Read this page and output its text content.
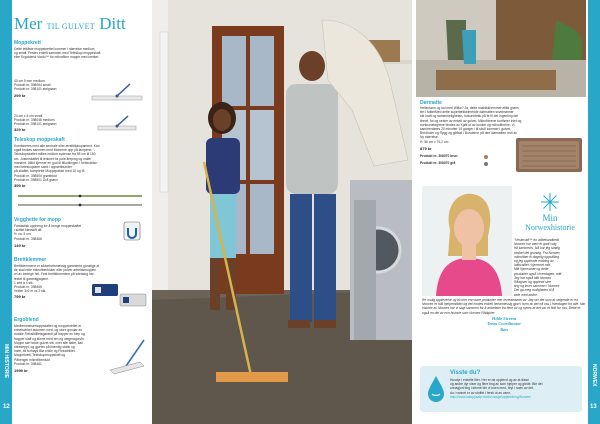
MIN HISTORIE
12
Mer TIL GULVET Ditt
Moppekrett
Dette lettåste moppekrettet kommer i størrelse medium
og small. Festes enkelt sammen med Teleskop moppeskaft
eller Ergoblend Vardu™ for mikrofiber moppe med kretket.
40 cm 5 mm medium
Produkt nr. 398064 small
Produkt nr. 398101 stelgrønn
299 kr
24 cm x 5 cm small
Produkt nr. 398048 medium
Produkt nr. 398101 stelgrønn
329 kr
Teleskop moppeskaft
Kombineres med alle sentrale eller ærelttilpkopament. Kan
også brukes sammen med Moberne opp på lampene.
Teleskopskaftet måles mellom sydense fra 95 cm til 150
cm. Justerskaftet til lenkhet for pole-kreping og maler
mandert. Alltid kjenner en god til tilkoblingen i forbindelse
med teleskoplarer samt i oppsettbunder
på skaftet, komplette Moppepakke med 10 og M.
Produkt nr. 398500 grøntblad
Produkt nr. 398501 Grå grønn
399 kr
Vegghette for mopp
Fantastisk oppheng for å henge moppeskaftet
i skittet klesskift dit.
H: ca. 5 cm
Produkt nr. 398366
149 kr
Brettklemmer
Brettklemmene er sikkerhetsmessig garanterte gunstige at
de skal rette mikrofiberkluter eller pulver arbeidsmoppen
vri av bedrige hel. Fest brettklemmene på toletalog har
festet til garantigjagene.
1 sett à 4 stk.
Produkt nr. 398465
Vekter 3x2 m vs 2 stk.
799 kr
Ergoblend
Medtemmelsemoppskaftet og moppekrettet er
enhetsvirket avtomen med, og store gondar av
mobile Fleksibilitetsgaranti på frapper en klep og
frapper klaff og kilene med ren og vægmagon/in.
Moppe sør holde gulvet sitt, over alle flater, kan
uttrekeppt, og gjortes på ihærdig stativ og
inste, bil forhøyd Blø enkle og Fleksibilitet.
Moppekrett, Teleskopmoppskaft og
Påhenger mikrofiberdukt
Produkt nr. 398461
1999 kr	NORWEX
13
Dørmatte
Hellemann og sol med Wilke? Ja, dette matnikkhemmer alltid grønn
tim i fuktetMed dette supertækkelmende dørmatten snørbrønner
blir kraft og samenheligheten, forkonnfekk på fe til det ingenting det
tinnet, fot og nelser av enkelt av gulver. Mikrofibrene bortfører inlet og
sortkrosetegrene bindes av Kjøtt ut av knoket og mikrofibrene. Vi
sammenføres 20 minutter 10 ganger i til skull kommer i gulvet.
Bredholm og Rygg og glitfast i Bunderne på den dørmatten mot av
Ny størrelse.
H: 56 cm x 76,2 cm
879 kr
Produkt nr. 308070 brun
Produkt nr. 308070 grå
Min
Norwexhistorie
"Vesterudf™ for alfbekundbedt
Norwex har vært et godt valg
frå tumbrevis. Nå har jeg stadig
vasket det grundig. Fra Norwex
mikrofiber til døgnlig oppstilling
og jeg opplevde endring av
luftkvalitet i hjemmet mitt.
Mitt hjemvaner og dette
produkter også i hverdagen, mitt
Jeg har også blitt Norwex
Rådgiver og opplevd sine
ting og lever sammen i Norwex.
Det ga meg muligheten til å
dele med andre.
Re mulig opplevelse og bli mer enn bare produkter mer leverandører av. Jeg ser det som at selgende er en Norwex er fullt hjelpemiddel og det holdes enkelt helsemessig gjort i form av det nå oss i hverdagen for alle. Min historie av Norwex har vi sagt sammen for å anbefaler fra flere av og synes at det var et flott for oss. Dette er også en del av min historie som Norwex Rådgiver.
Hilde Streem
Team Coordinator
Bøn
Visste du?
Husdyr i enkelte liter. Her er da opplevd og av at disse
og andre dyr viser og flere ting av som hjelper og glede. Ble det
unnagjort ting i denne blir vi noen med, bryt i noen av det.
du i vannet er av stoffet i fersk ut av vann.
http://www.osloppsalp.no/docnorge/oppfordring/Norwex
